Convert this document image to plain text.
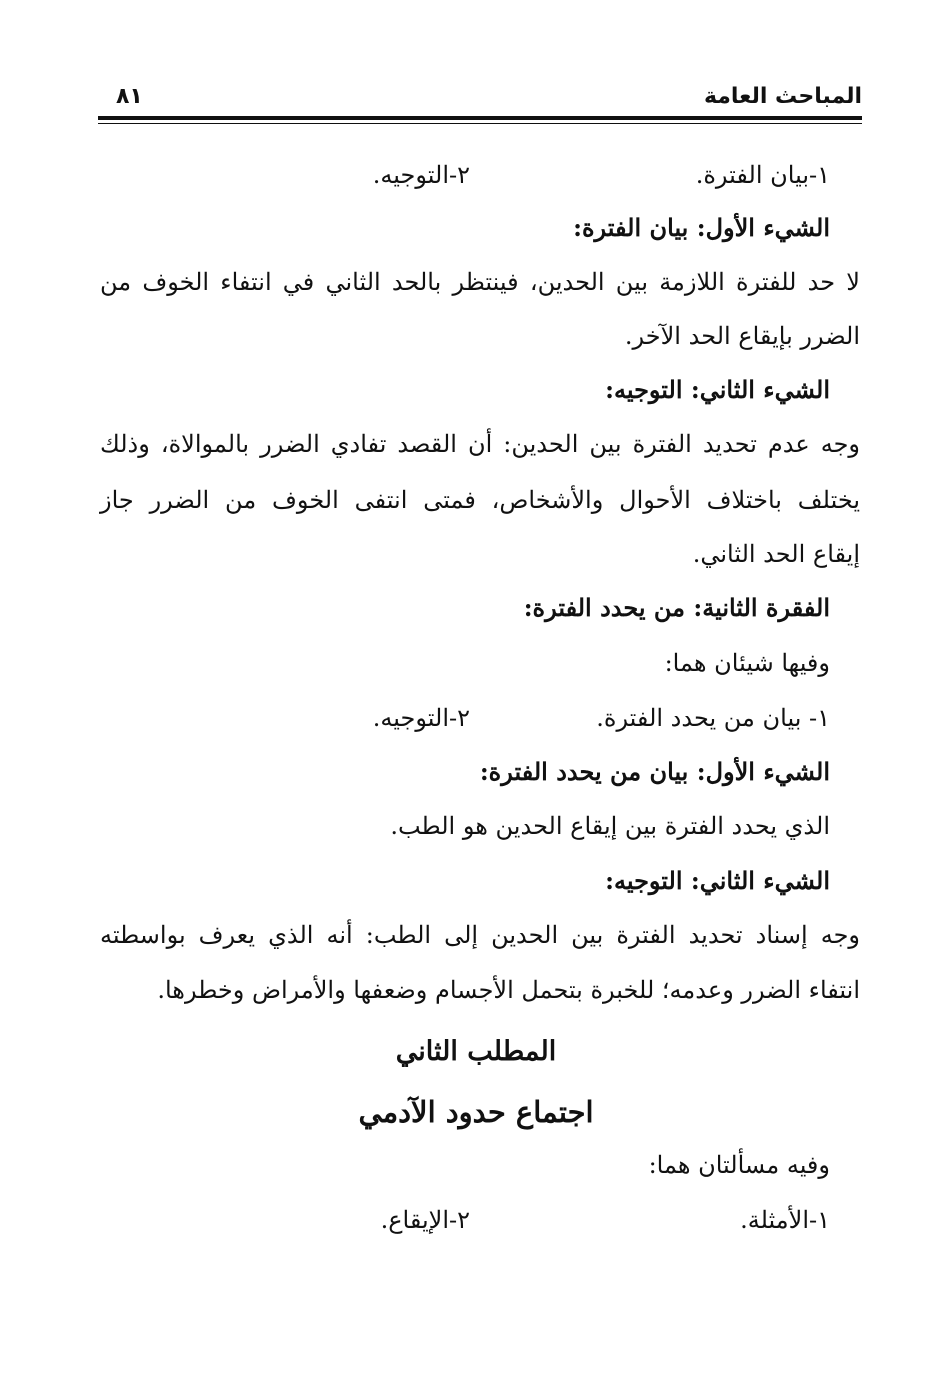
المباحث العامة
٨١
١-بيان الفترة.
٢-التوجيه.
الشيء الأول: بيان الفترة:
لا حد للفترة اللازمة بين الحدين، فينتظر بالحد الثاني في انتفاء الخوف من
الضرر بإيقاع الحد الآخر.
الشيء الثاني: التوجيه:
وجه عدم تحديد الفترة بين الحدين: أن القصد تفادي الضرر بالموالاة، وذلك
يختلف باختلاف الأحوال والأشخاص، فمتى انتفى الخوف من الضرر جاز
إيقاع الحد الثاني.
الفقرة الثانية: من يحدد الفترة:
وفيها شيئان هما:
١- بيان من يحدد الفترة.
٢-التوجيه.
الشيء الأول: بيان من يحدد الفترة:
الذي يحدد الفترة بين إيقاع الحدين هو الطب.
الشيء الثاني: التوجيه:
وجه إسناد تحديد الفترة بين الحدين إلى الطب: أنه الذي يعرف بواسطته
انتفاء الضرر وعدمه؛ للخبرة بتحمل الأجسام وضعفها والأمراض وخطرها.
المطلب الثاني
اجتماع حدود الآدمي
وفيه مسألتان هما:
١-الأمثلة.
٢-الإيقاع.
